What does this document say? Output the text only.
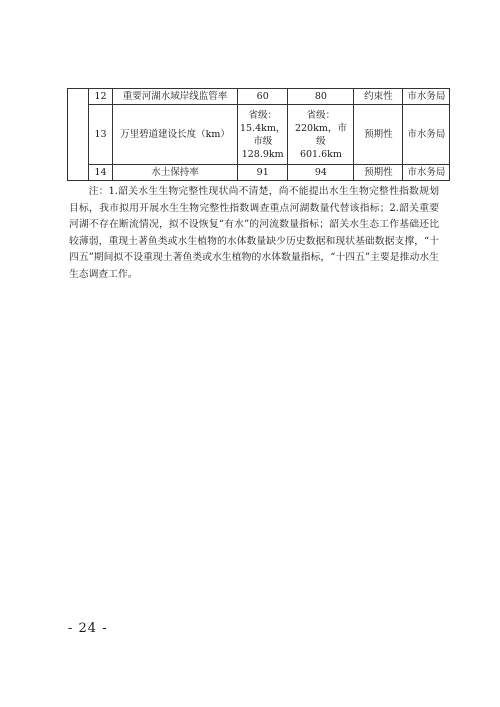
	12	重要河湖水域岸线监管率	60	80	约束性	市水务局
	13	万里碧道建设长度（km）	省级：
15.4km，
市级
128.9km	省级：
220km，市级
601.6km	预期性	市水务局
	14	水土保持率	91	94	预期性	市水务局

注：1.韶关水生生物完整性现状尚不清楚，尚不能提出水生生物完整性指数规划目标，我市拟用开展水生生物完整性指数调查重点河湖数量代替该指标；2.韶关重要河湖不存在断流情况，拟不设恢复“有水”的河流数量指标；韶关水生态工作基础还比较薄弱，重现土著鱼类或水生植物的水体数量缺少历史数据和现状基础数据支撑，“十四五”期间拟不设重现土著鱼类或水生植物的水体数量指标，“十四五”主要是推动水生生态调查工作。

- 24 -
